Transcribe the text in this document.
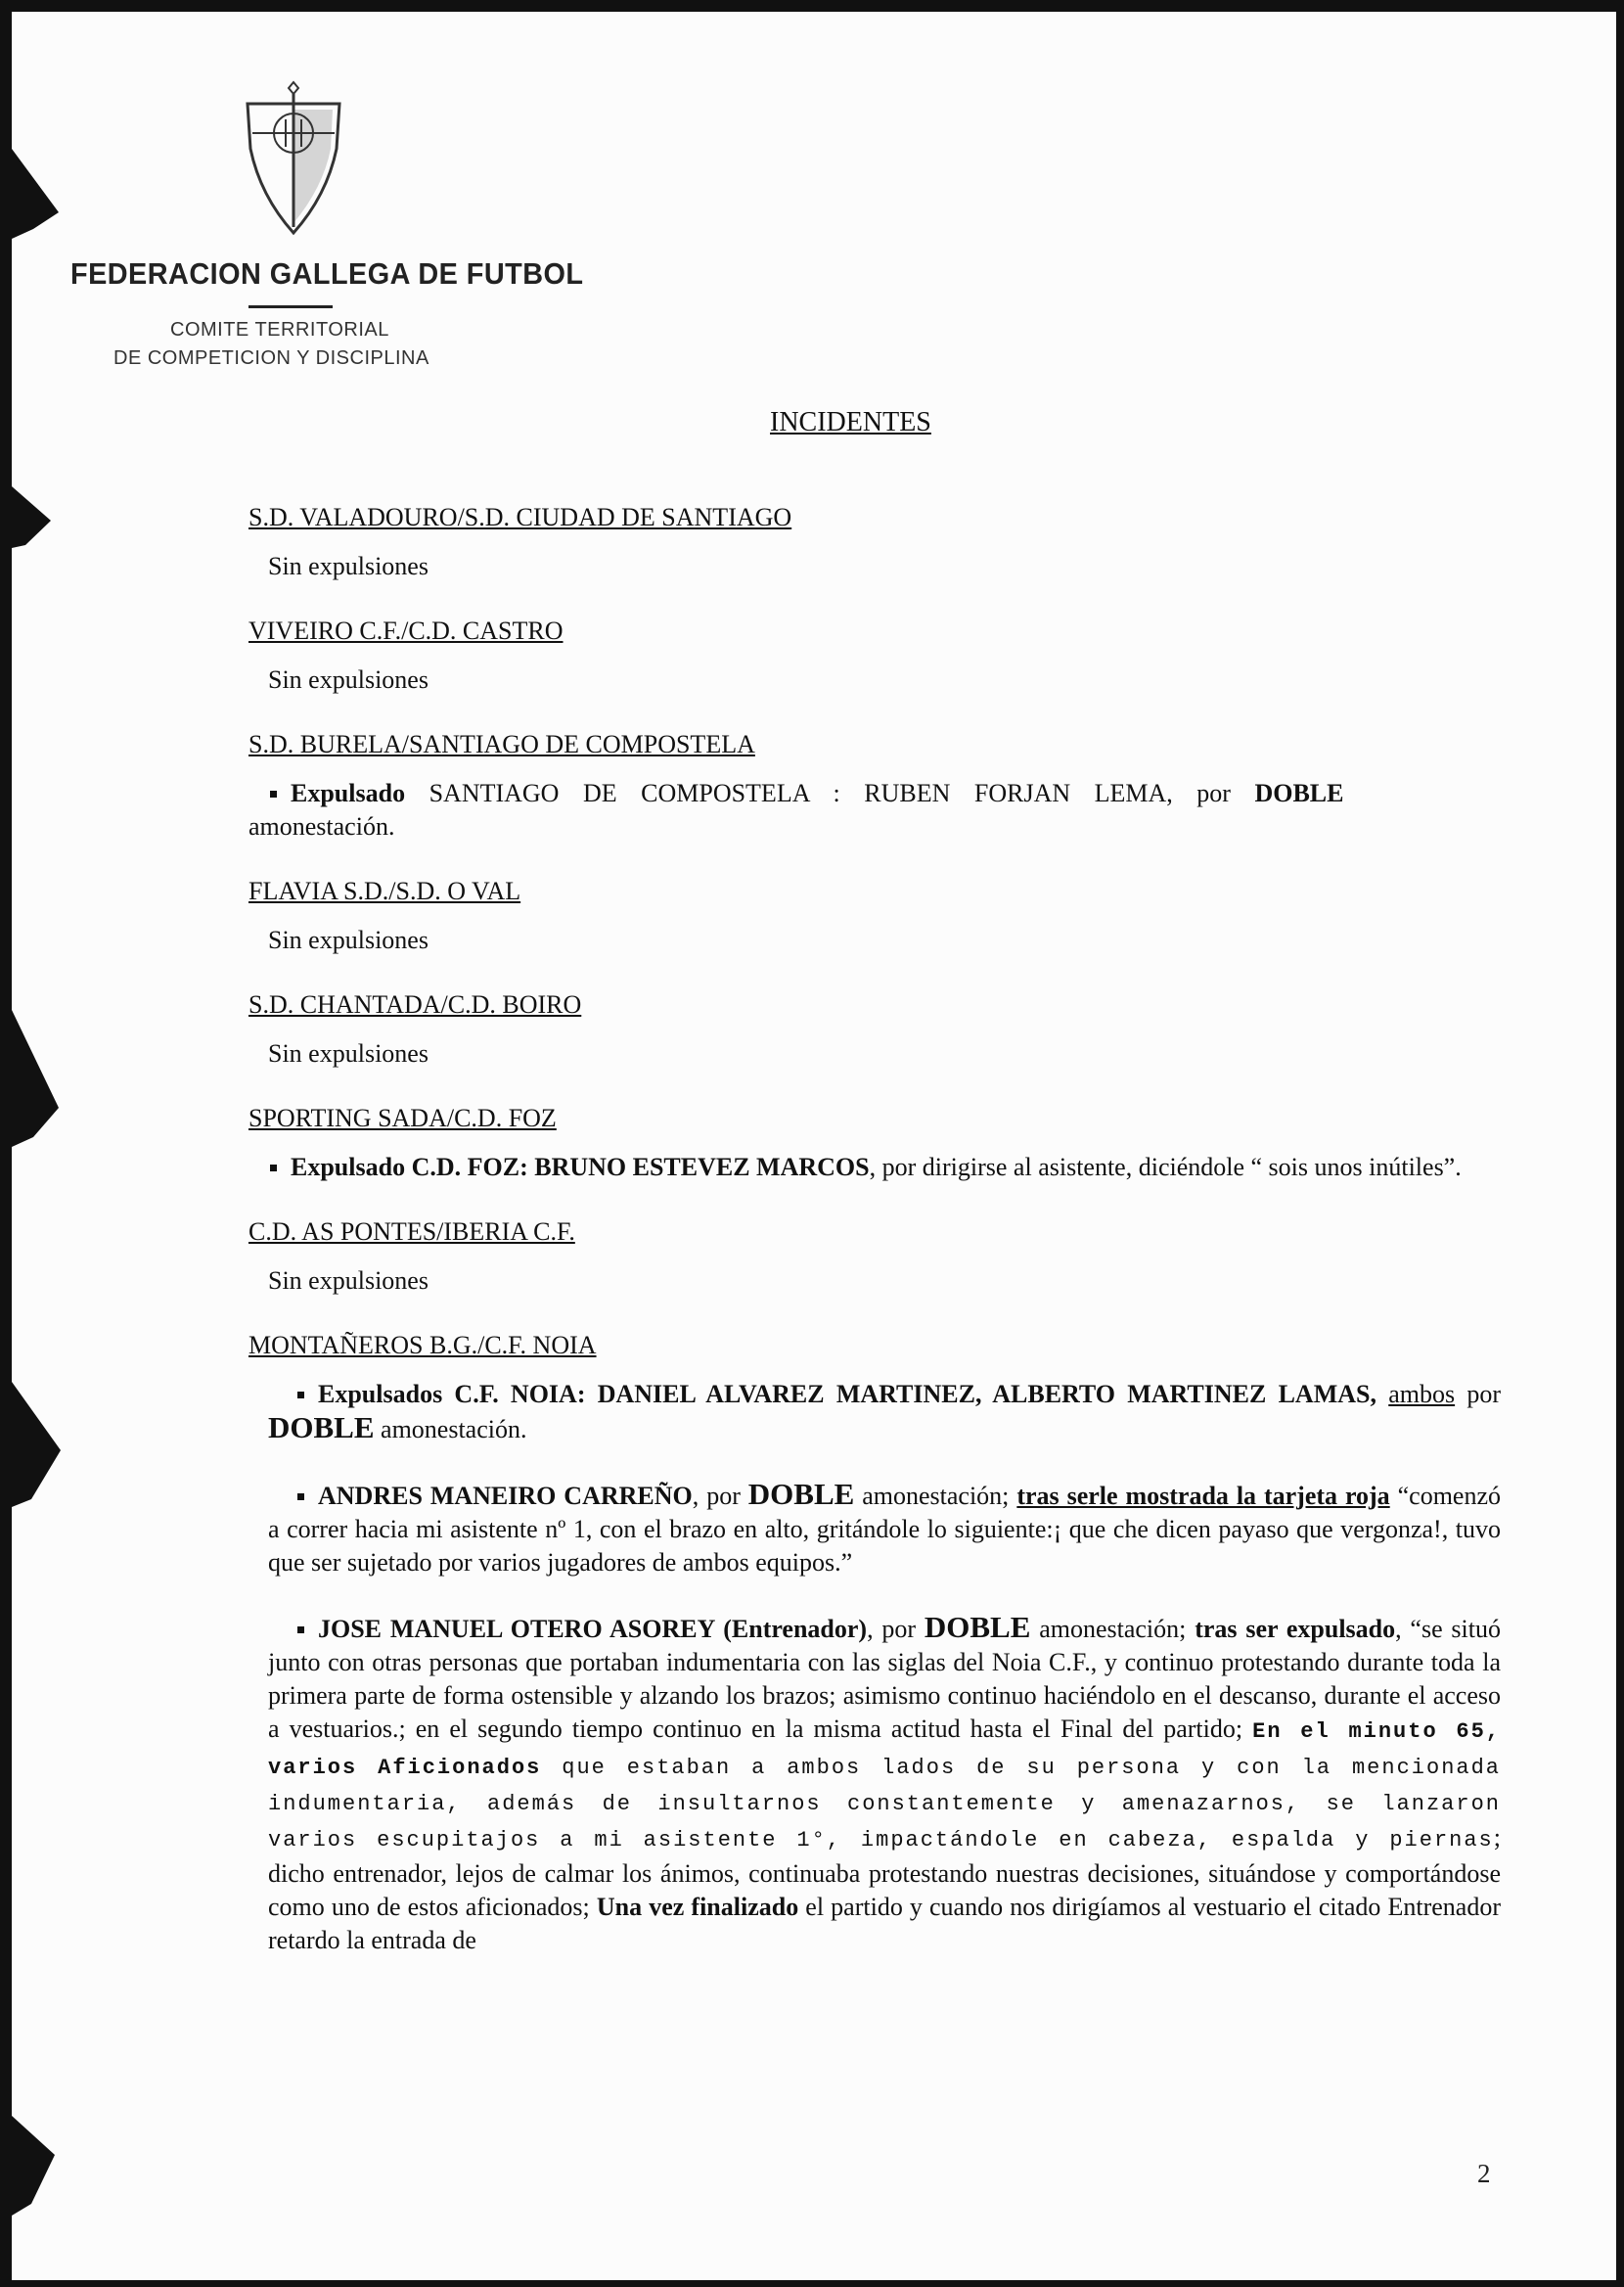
FEDERACION GALLEGA DE FUTBOL
COMITE TERRITORIAL
DE COMPETICION Y DISCIPLINA
INCIDENTES
S.D. VALADOURO/S.D. CIUDAD DE SANTIAGO
Sin expulsiones
VIVEIRO C.F./C.D. CASTRO
Sin expulsiones
S.D. BURELA/SANTIAGO DE COMPOSTELA
Expulsado SANTIAGO DE COMPOSTELA : RUBEN FORJAN LEMA, por DOBLE
amonestación.
FLAVIA S.D./S.D. O VAL
Sin expulsiones
S.D. CHANTADA/C.D. BOIRO
Sin expulsiones
SPORTING SADA/C.D. FOZ
Expulsado C.D. FOZ: BRUNO ESTEVEZ MARCOS, por dirigirse al asistente, diciéndole “ sois unos inútiles”.
C.D. AS PONTES/IBERIA C.F.
Sin expulsiones
MONTAÑEROS B.G./C.F. NOIA
Expulsados C.F. NOIA: DANIEL ALVAREZ MARTINEZ, ALBERTO MARTINEZ LAMAS, ambos por DOBLE amonestación.
ANDRES MANEIRO CARREÑO, por DOBLE amonestación; tras serle mostrada la tarjeta roja “comenzó a correr hacia mi asistente nº 1, con el brazo en alto, gritándole lo siguiente:¡ que che dicen payaso que vergonza!, tuvo que ser sujetado por varios jugadores de ambos equipos.”
JOSE MANUEL OTERO ASOREY (Entrenador), por DOBLE amonestación; tras ser expulsado, “se situó junto con otras personas que portaban indumentaria con las siglas del Noia C.F., y continuo protestando durante toda la primera parte de forma ostensible y alzando los brazos; asimismo continuo haciéndolo en el descanso, durante el acceso a vestuarios.; en el segundo tiempo continuo en la misma actitud hasta el Final del partido; En el minuto 65, varios Aficionados que estaban a ambos lados de su persona y con la mencionada indumentaria, además de insultarnos constantemente y amenazarnos, se lanzaron varios escupitajos a mi asistente 1°, impactándole en cabeza, espalda y piernas; dicho entrenador, lejos de calmar los ánimos, continuaba protestando nuestras decisiones, situándose y comportándose como uno de estos aficionados; Una vez finalizado el partido y cuando nos dirigíamos al vestuario el citado Entrenador retardo la entrada de
2
